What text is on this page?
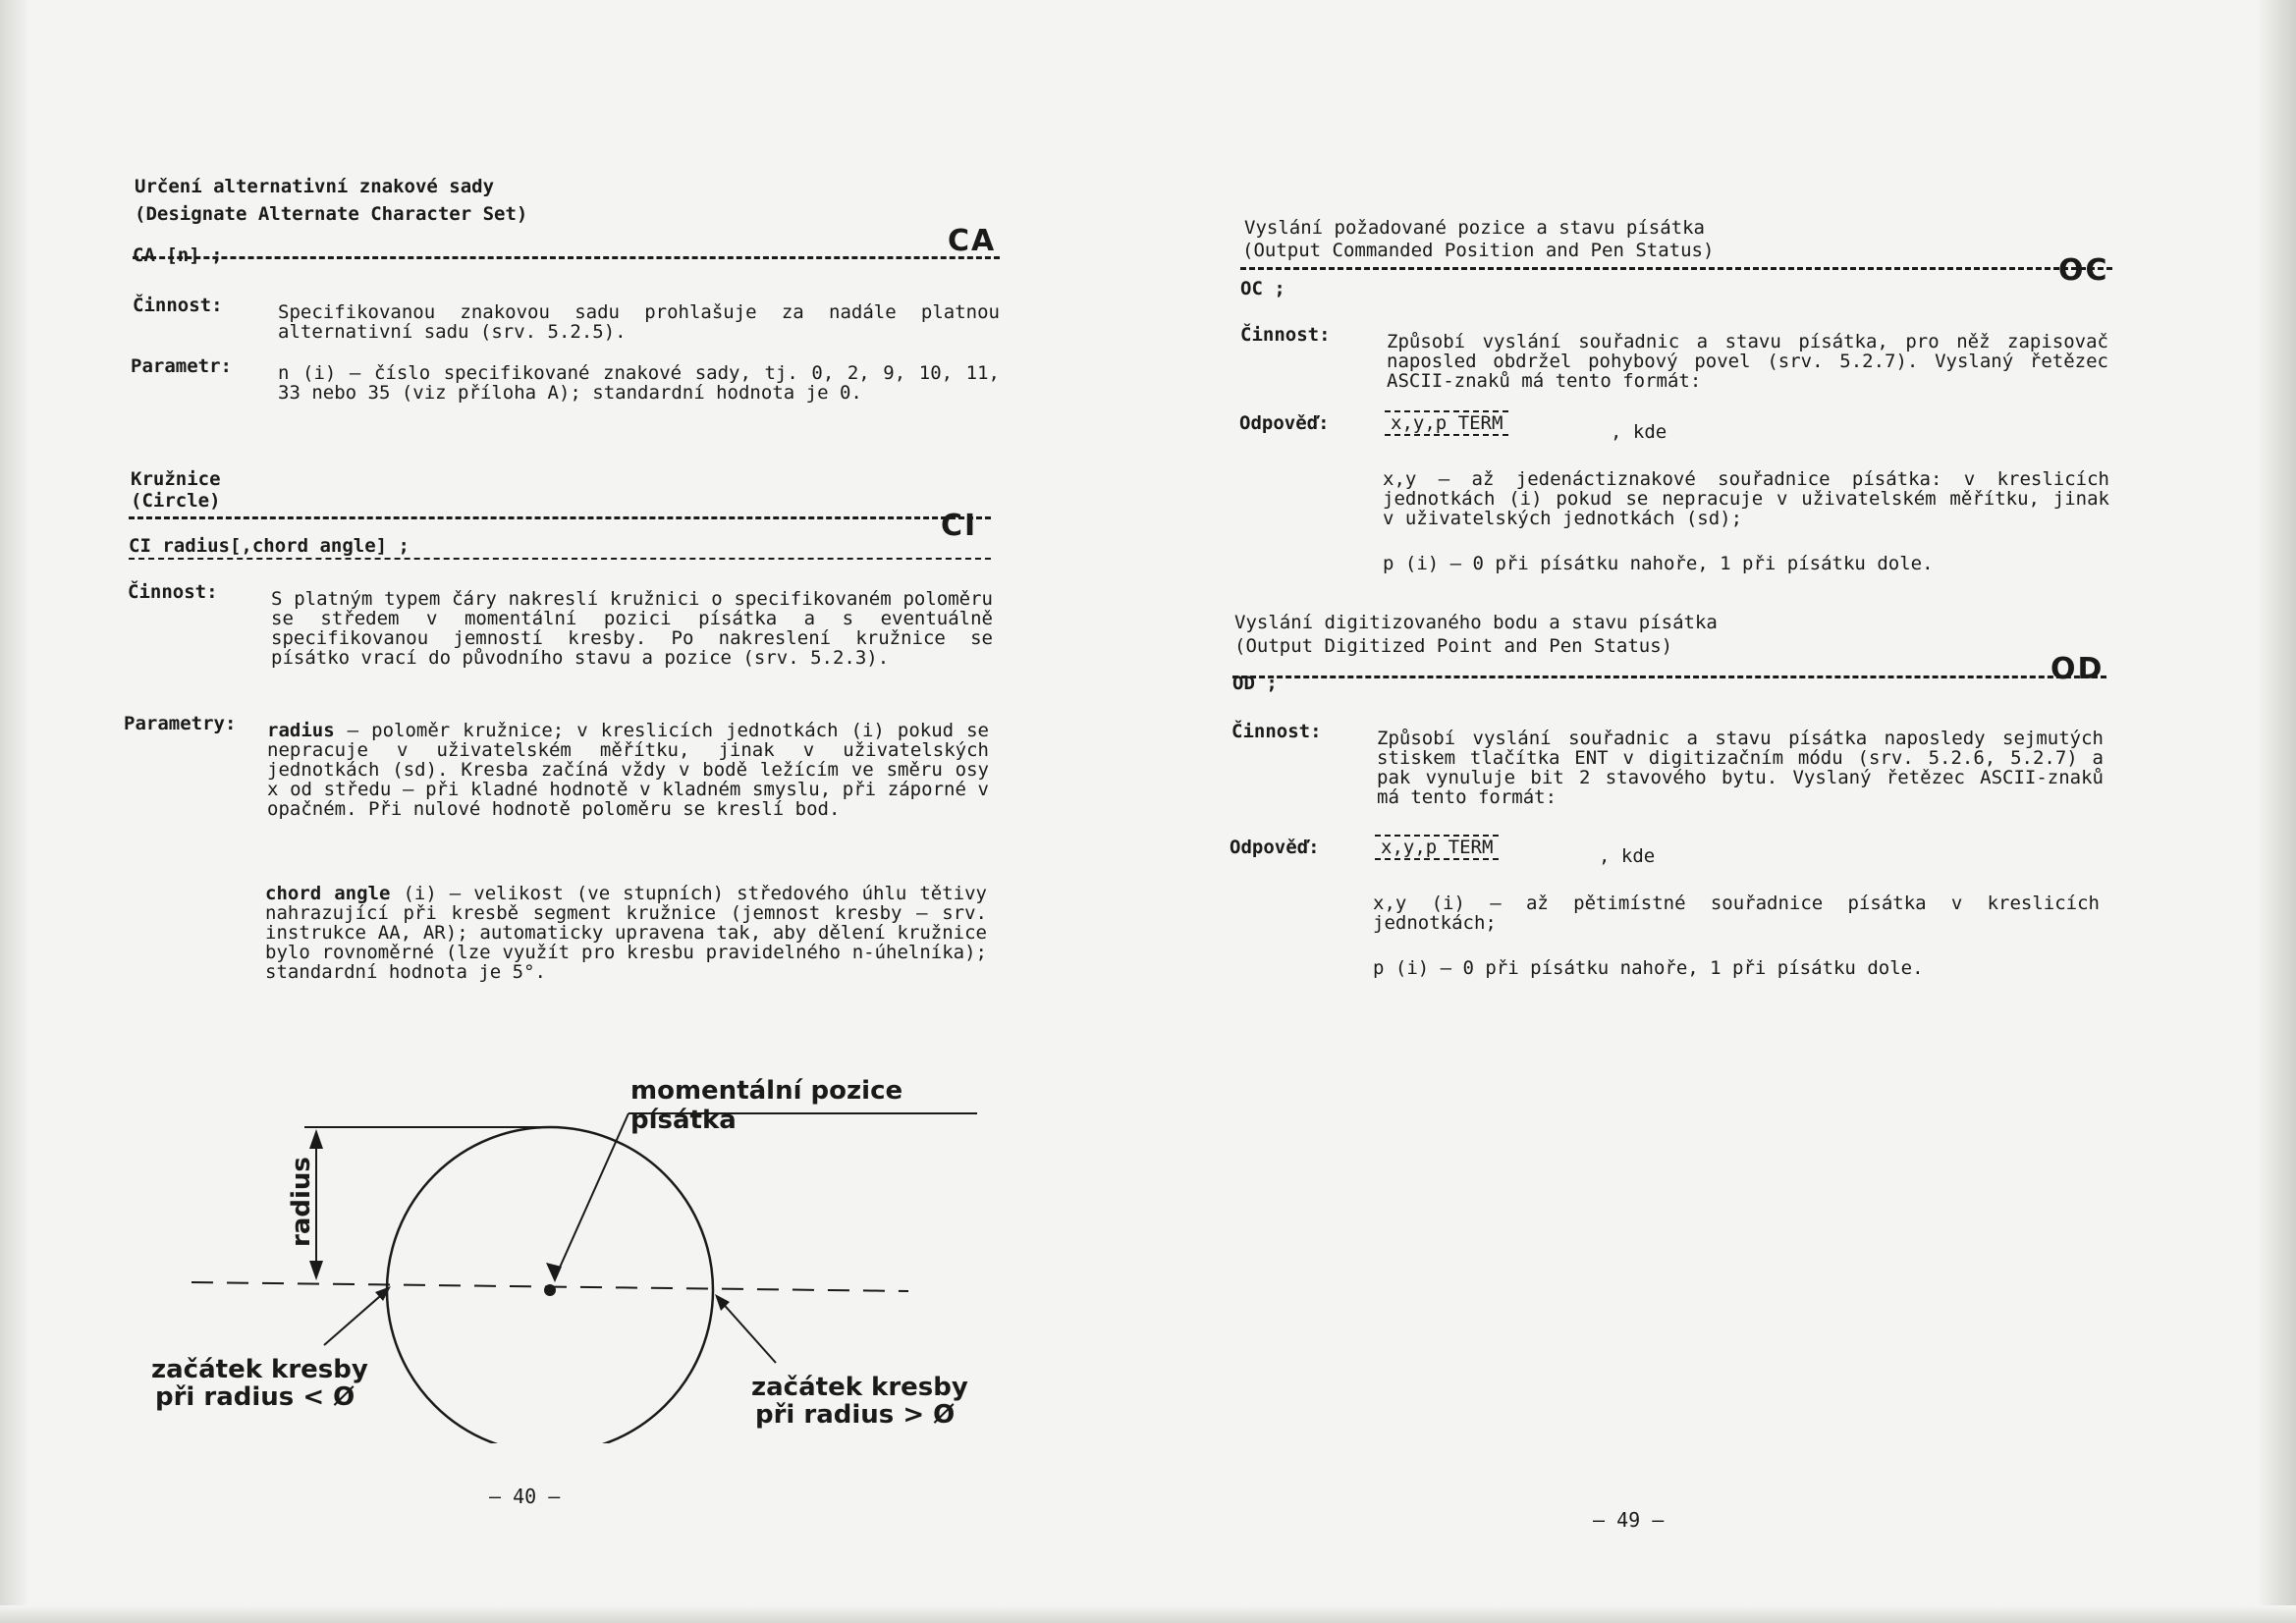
Určení alternativní znakové sady
(Designate Alternate Character Set)
CA
CA [n] ;
Činnost:	Specifikovanou znakovou sadu prohlašuje za nadále platnou alternativní sadu (srv. 5.2.5).
Parametr: n (i) – číslo specifikované znakové sady, tj. 0, 2, 9, 10, 11, 33 nebo 35 (viz příloha A); standardní hodnota je 0.
Kružnice
(Circle)
CI
CI radius[,chord angle] ;
Činnost:	S platným typem čáry nakreslí kružnici o specifikovaném poloměru se středem v momentální pozici písátka a s eventuálně specifikovanou jemností kresby. Po nakreslení kružnice se písátko vrací do původního stavu a pozice (srv. 5.2.3).
Parametry: radius – poloměr kružnice; v kreslicích jednotkách (i) pokud se nepracuje v uživatelském měřítku, jinak v uživatelských jednotkách (sd). Kresba začíná vždy v bodě ležícím ve směru osy x od středu – při kladné hodnotě v kladném smyslu, při záporné v opačném. Při nulové hodnotě poloměru se kreslí bod.
chord angle (i) – velikost (ve stupních) středového úhlu tětivy nahrazující při kresbě segment kružnice (jemnost kresby – srv. instrukce AA, AR); automaticky upravena tak, aby dělení kružnice bylo rovnoměrné (lze využít pro kresbu pravidelného n-úhelníka); standardní hodnota je 5°.
momentální pozice písátka
radius
začátek kresby
při radius < Ø	začátek kresby
při radius > Ø
– 40 –
Vyslání požadované pozice a stavu písátka
(Output Commanded Position and Pen Status)
OC
OC ;
Činnost:	Způsobí vyslání souřadnic a stavu písátka, pro něž zapisovač naposled obdržel pohybový povel (srv. 5.2.7). Vyslaný řetězec ASCII-znaků má tento formát:
Odpověď:	x,y,p TERM	, kde
x,y – až jedenáctiznakové souřadnice písátka: v kreslicích jednotkách (i) pokud se nepracuje v uživatelském měřítku, jinak v uživatelských jednotkách (sd);
p (i) – 0 při písátku nahoře, 1 při písátku dole.
Vyslání digitizovaného bodu a stavu písátka
(Output Digitized Point and Pen Status)
OD
OD ;
Činnost:	Způsobí vyslání souřadnic a stavu písátka naposledy sejmutých stiskem tlačítka ENT v digitizačním módu (srv. 5.2.6, 5.2.7) a pak vynuluje bit 2 stavového bytu. Vyslaný řetězec ASCII-znaků má tento formát:
Odpověď:	x,y,p TERM	, kde
x,y (i) – až pětimístné souřadnice písátka v kreslicích jednotkách;
p (i) – 0 při písátku nahoře, 1 při písátku dole.
– 49 –
